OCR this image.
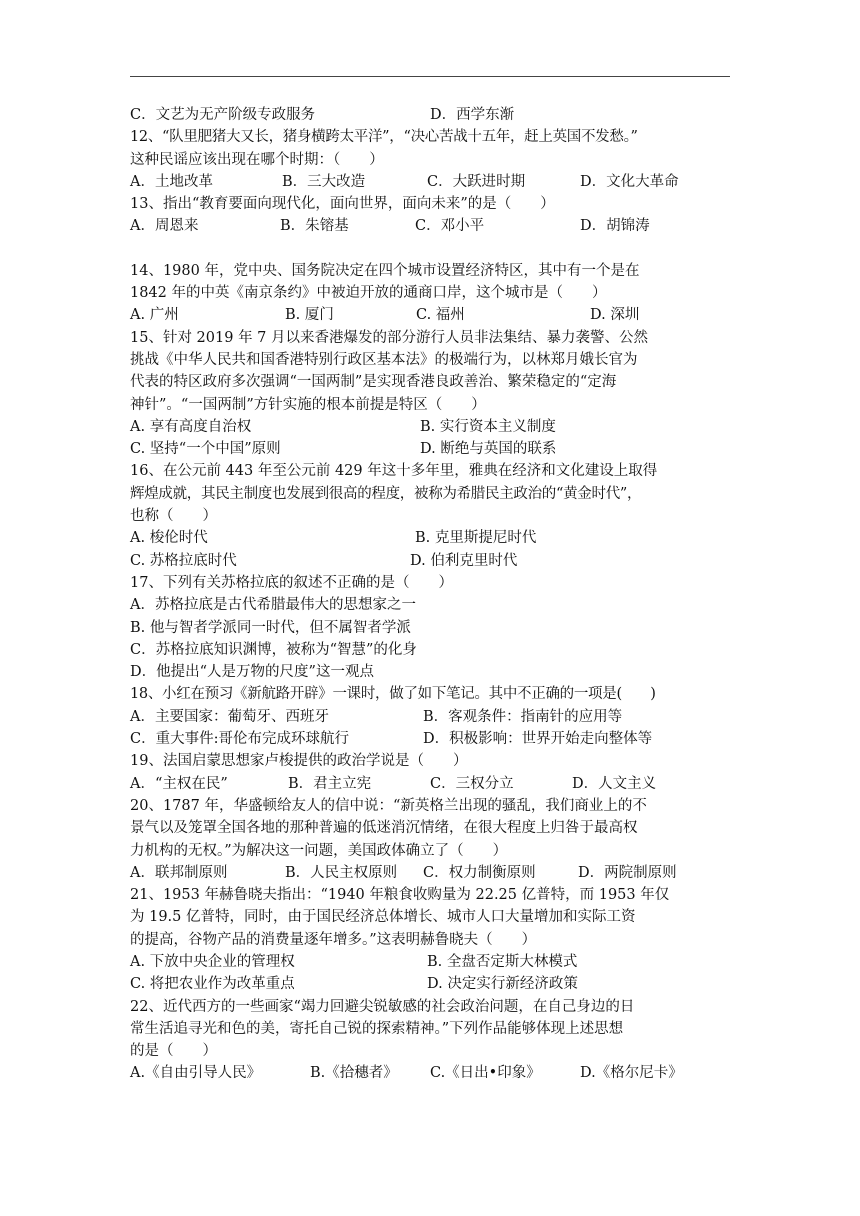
C．文艺为无产阶级专政服务	D．西学东渐
12、“队里肥猪大又长，猪身横跨太平洋”，“决心苦战十五年，赶上英国不发愁。”
这种民谣应该出现在哪个时期：（　　）
A．土地改革	B．三大改造	C．大跃进时期	D．文化大革命
13、指出“教育要面向现代化，面向世界，面向未来”的是（　　）
A．周恩来	B．朱镕基	C．邓小平	D．胡锦涛
14、1980 年，党中央、国务院决定在四个城市设置经济特区，其中有一个是在
1842 年的中英《南京条约》中被迫开放的通商口岸，这个城市是（　　）
A. 广州	B. 厦门	C. 福州	D. 深圳
15、针对 2019 年 7 月以来香港爆发的部分游行人员非法集结、暴力袭警、公然
挑战《中华人民共和国香港特别行政区基本法》的极端行为，以林郑月娥长官为
代表的特区政府多次强调“一国两制”是实现香港良政善治、繁荣稳定的“定海
神针”。“一国两制”方针实施的根本前提是特区（　　）
A. 享有高度自治权	B. 实行资本主义制度
C. 坚持“一个中国”原则	D. 断绝与英国的联系
16、在公元前 443 年至公元前 429 年这十多年里，雅典在经济和文化建设上取得
辉煌成就，其民主制度也发展到很高的程度，被称为希腊民主政治的“黄金时代”，
也称（　　）
A. 梭伦时代	B. 克里斯提尼时代
C. 苏格拉底时代	D. 伯利克里时代
17、下列有关苏格拉底的叙述不正确的是（　　）
A．苏格拉底是古代希腊最伟大的思想家之一
B. 他与智者学派同一时代，但不属智者学派
C．苏格拉底知识渊博，被称为“智慧”的化身
D．他提出“人是万物的尺度”这一观点
18、小红在预习《新航路开辟》一课时，做了如下笔记。其中不正确的一项是(　　)
A．主要国家：葡萄牙、西班牙	B．客观条件：指南针的应用等
C．重大事件:哥伦布完成环球航行	D．积极影响：世界开始走向整体等
19、法国启蒙思想家卢梭提供的政治学说是（　　）
A．“主权在民”	B．君主立宪	C．三权分立	D．人文主义
20、1787 年，华盛顿给友人的信中说：“新英格兰出现的骚乱，我们商业上的不
景气以及笼罩全国各地的那种普遍的低迷消沉情绪，在很大程度上归咎于最高权
力机构的无权。”为解决这一问题，美国政体确立了（　　）
A．联邦制原则	B．人民主权原则	C．权力制衡原则	D．两院制原则
21、1953 年赫鲁晓夫指出：“1940 年粮食收购量为 22.25 亿普特，而 1953 年仅
为 19.5 亿普特，同时，由于国民经济总体增长、城市人口大量增加和实际工资
的提高，谷物产品的消费量逐年增多。”这表明赫鲁晓夫（　　）
A. 下放中央企业的管理权	B. 全盘否定斯大林模式
C. 将把农业作为改革重点	D. 决定实行新经济政策
22、近代西方的一些画家“竭力回避尖锐敏感的社会政治问题，在自己身边的日
常生活追寻光和色的美，寄托自己锐的探索精神。”下列作品能够体现上述思想
的是（　　）
A.《自由引导人民》	B.《拾穗者》	C.《日出•印象》	D.《格尔尼卡》
